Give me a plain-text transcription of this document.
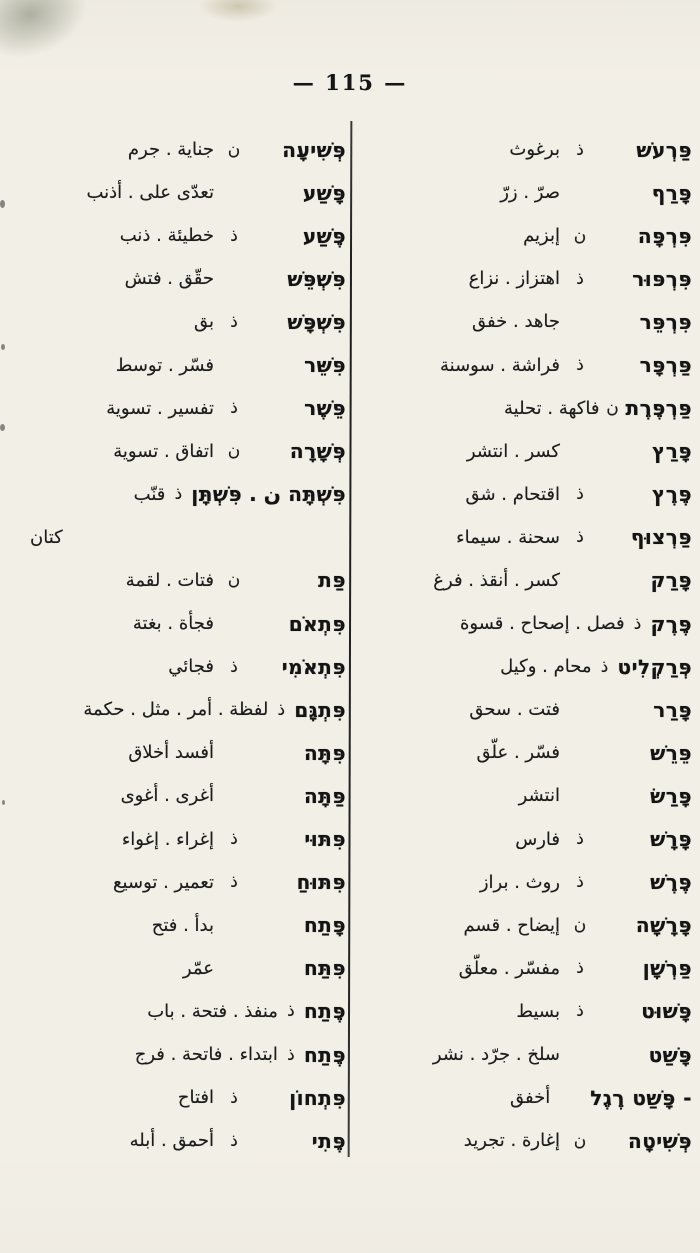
— 115 —
פַּרְעֹשׁ
ذ
برغوث
פָּרַף
صرّ . زرّ
פִּרְפָּה
ن
إبزيم
פִּרְפּוּר
ذ
اهتزاز . نزاع
פִּרְפֵּר
جاهد . خفق
פַּרְפָּר
ذ
فراشة . سوسنة
פַּרְפֶּרֶת
ن
فاكهة . تحلية
פָּרַץ
كسر . انتشر
פֶּרֶץ
ذ
اقتحام . شق
פַּרְצוּף
ذ
سحنة . سيماء
פָּרַק
كسر . أنقذ . فرغ
פֶּרֶק
ذ
فصل . إصحاح . قسوة
פְּרַקְלִיט
ذ
محام . وكيل
פָּרַר
فتت . سحق
פֵּרֵשׁ
فسّر . علّق
פָּרַשׂ
انتشر
פָּרָשׁ
ذ
فارس
פֶּרֶשׁ
ذ
روث . براز
פָּרָשָׁה
ن
إيضاح . قسم
פַּרְשָׁן
ذ
مفسّر . معلّق
פָּשׁוּט
ذ
بسيط
פָּשַׁט
سلخ . جرّد . نشر
- פָּשַׁט רֶגֶל
أخفق
פְּשִׁיטָה
ن
إغارة . تجريد
פְּשִׁיעָה
ن
جناية . جرم
פָּשַׁע
تعدّى على . أذنب
פֶּשַׁע
ذ
خطيئة . ذنب
פִּשְׁפֵּשׁ
حقّق . فتش
פִּשְׁפָּשׁ
ذ
بق
פִּשֵּׁר
فسّر . توسط
פֵּשֶׁר
ذ
تفسير . تسوية
פְּשָׁרָה
ن
اتفاق . تسوية
פִּשְׁתָּה ن . פִּשְׁתָּן
ذ
قنّب
كتان
פַּת
ن
فتات . لقمة
פִּתְאֹם
فجأة . بغتة
פִּתְאֹמִי
ذ
فجائي
פִּתְגָּם
ذ
لفظة . أمر . مثل . حكمة
פִּתָּה
أفسد أخلاق
פַּתָּה
أغرى . أغوى
פִּתּוּי
ذ
إغراء . إغواء
פִּתּוּחַ
ذ
تعمير . توسيع
פָּתַח
بدأ . فتح
פִּתַּח
عمّر
פֶּתַח
ذ
منفذ . فتحة . باب
פֶּתַח
ذ
ابتداء . فاتحة . فرج
פִּתְחוֹן
ذ
افتاح
פֶּתִי
ذ
أحمق . أبله
